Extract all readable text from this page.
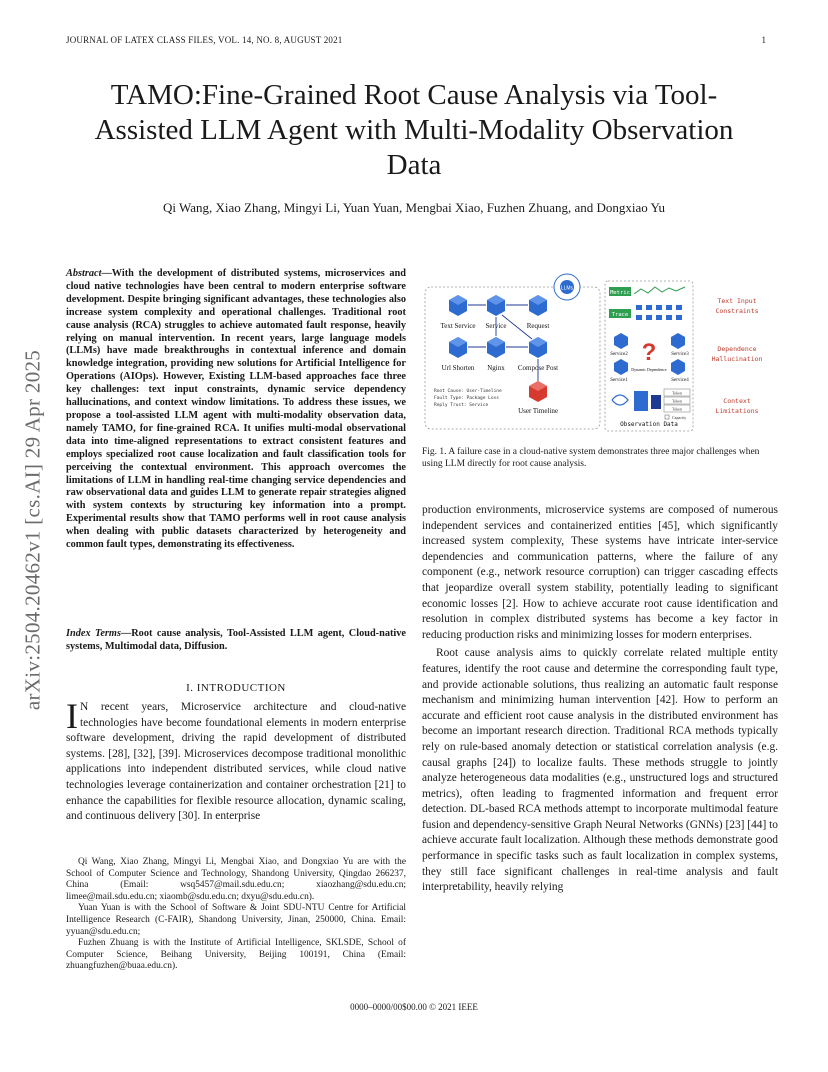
JOURNAL OF LATEX CLASS FILES, VOL. 14, NO. 8, AUGUST 2021	1
arXiv:2504.20462v1 [cs.AI] 29 Apr 2025
TAMO:Fine-Grained Root Cause Analysis via Tool-Assisted LLM Agent with Multi-Modality Observation Data
Qi Wang, Xiao Zhang, Mingyi Li, Yuan Yuan, Mengbai Xiao, Fuzhen Zhuang, and Dongxiao Yu
Abstract—With the development of distributed systems, microservices and cloud native technologies have been central to modern enterprise software development. Despite bringing significant advantages, these technologies also increase system complexity and operational challenges. Traditional root cause analysis (RCA) struggles to achieve automated fault response, heavily relying on manual intervention. In recent years, large language models (LLMs) have made breakthroughs in contextual inference and domain knowledge integration, providing new solutions for Artificial Intelligence for Operations (AIOps). However, Existing LLM-based approaches face three key challenges: text input constraints, dynamic service dependency hallucinations, and context window limitations. To address these issues, we propose a tool-assisted LLM agent with multi-modality observation data, namely TAMO, for fine-grained RCA. It unifies multi-modal observational data into time-aligned representations to extract consistent features and employs specialized root cause localization and fault classification tools for perceiving the contextual environment. This approach overcomes the limitations of LLM in handling real-time changing service dependencies and raw observational data and guides LLM to generate repair strategies aligned with system contexts by structuring key information into a prompt. Experimental results show that TAMO performs well in root cause analysis when dealing with public datasets characterized by heterogeneity and common fault types, demonstrating its effectiveness.
Index Terms—Root cause analysis, Tool-Assisted LLM agent, Cloud-native systems, Multimodal data, Diffusion.
I. INTRODUCTION
I N recent years, Microservice architecture and cloud-native technologies have become foundational elements in modern enterprise software development, driving the rapid development of distributed systems. [28], [32], [39]. Microservices decompose traditional monolithic applications into independent distributed services, while cloud native technologies leverage containerization and container orchestration [21] to enhance the capabilities for flexible resource allocation, dynamic scaling, and continuous delivery [30]. In enterprise

Qi Wang, Xiao Zhang, Mingyi Li, Mengbai Xiao, and Dongxiao Yu are with the School of Computer Science and Technology, Shandong University, Qingdao 266237, China (Email: wsq5457@mail.sdu.edu.cn; xiaozhang@sdu.edu.cn; limee@mail.sdu.edu.cn; xiaomb@sdu.edu.cn; dxyu@sdu.edu.cn).

Yuan Yuan is with the School of Software & Joint SDU-NTU Centre for Artificial Intelligence Research (C-FAIR), Shandong University, Jinan, 250000, China. Email: yyuan@sdu.edu.cn;

Fuzhen Zhuang is with the Institute of Artificial Intelligence, SKLSDE, School of Computer Science, Beihang University, Beijing 100191, China (Email: zhuangfuzhen@buaa.edu.cn).

LLMs
Text Service Service	Request
Url Shorten Nginx Compose Post
User Timeline
Root Cause: User-Timeline
Fault Type: Package Loss
Reply Trust: Service
Metric
Trace
?
Service2	Service3
Service1	Service4
Dynamic Dependence
Observation Data
Token
Token
Token
Capacity
Text Input Constraints
Dependence Hallucination
Context Limitations
Fig. 1. A failure case in a cloud-native system demonstrates three major challenges when using LLM directly for root cause analysis.

production environments, microservice systems are composed of numerous independent services and containerized entities [45], which significantly increased system complexity, These systems have intricate inter-service dependencies and communication patterns, where the failure of any component (e.g., network resource corruption) can trigger cascading effects that jeopardize overall system stability, potentially leading to significant economic losses [2]. How to achieve accurate root cause identification and resolution in complex distributed systems has become a key factor in reducing production risks and minimizing losses for modern enterprises.

Root cause analysis aims to quickly correlate related multiple entity features, identify the root cause and determine the corresponding fault type, and provide actionable solutions, thus realizing an automatic fault response mechanism and minimizing human intervention [42]. How to perform an accurate and efficient root cause analysis in the distributed environment has become an important research direction. Traditional RCA methods typically rely on rule-based anomaly detection or statistical correlation analysis (e.g. causal graphs [24]) to localize faults. These methods struggle to jointly analyze heterogeneous data modalities (e.g., unstructured logs and structured metrics), often leading to fragmented information and frequent error detection. DL-based RCA methods attempt to incorporate multimodal feature fusion and dependency-sensitive Graph Neural Networks (GNNs) [23] [44] to achieve accurate fault localization. Although these methods demonstrate good performance in specific tasks such as fault localization in complex systems, they still face significant challenges in real-time analysis and fault interpretability, heavily relying

0000–0000/00$00.00 © 2021 IEEE
